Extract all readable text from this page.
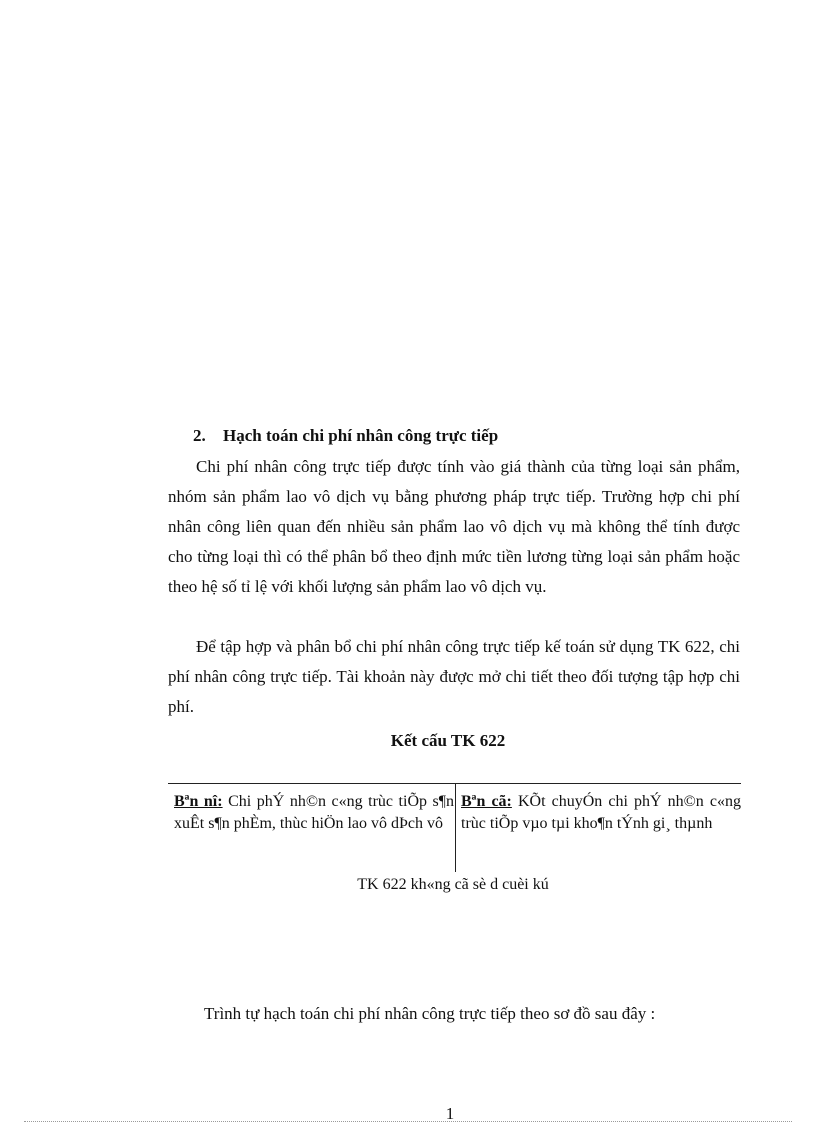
2. Hạch toán chi phí nhân công trực tiếp

Chi phí nhân công trực tiếp được tính vào giá thành của từng loại sản phẩm, nhóm sản phẩm lao vô dịch vụ bằng phương pháp trực tiếp. Trường hợp chi phí nhân công liên quan đến nhiều sản phẩm lao vô dịch vụ mà không thể tính được cho từng loại thì có thể phân bổ theo định mức tiền lương từng loại sản phẩm hoặc theo hệ số tỉ lệ với khối lượng sản phẩm lao vô dịch vụ.

Để tập hợp và phân bổ chi phí nhân công trực tiếp kế toán sử dụng TK 622, chi phí nhân công trực tiếp. Tài khoản này được mở chi tiết theo đối tượng tập hợp chi phí.

Kết cấu TK 622
Bªn nî: Chi phÝ nh©n c«ng trùc tiÕp s¶n xuÊt s¶n phÈm, thùc hiÖn lao vô dÞch vô
Bªn cã: KÕt chuyÓn chi phÝ nh©n c«ng trùc tiÕp vµo tµi kho¶n tÝnh gi¸ thµnh
TK 622 kh«ng cã sè d cuèi kú
Trình tự hạch toán chi phí nhân công trực tiếp theo sơ đồ sau đây :
1
